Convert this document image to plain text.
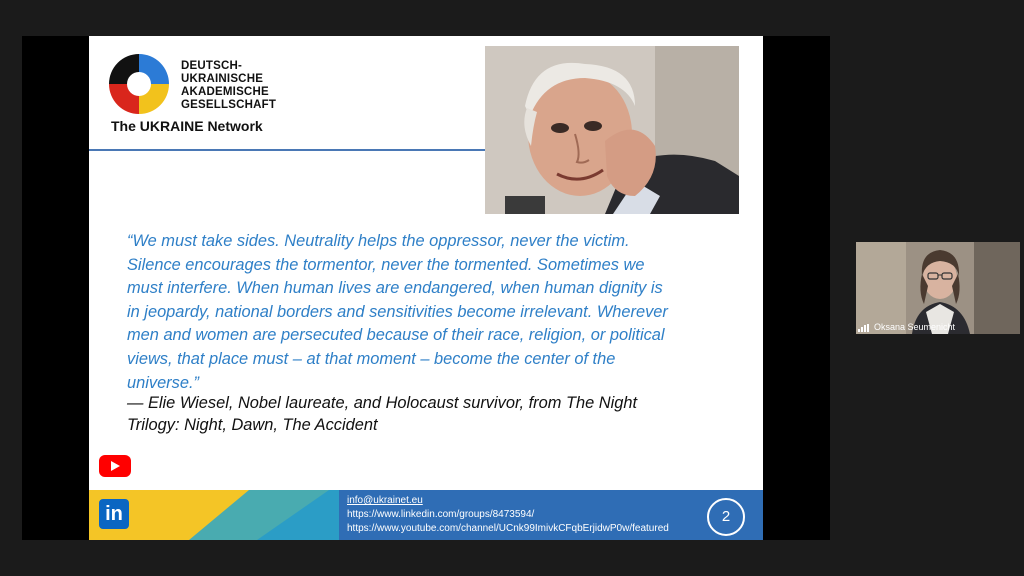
DEUTSCH-
UKRAINISCHE
AKADEMISCHE
GESELLSCHAFT
The UKRAINE Network
“We must take sides. Neutrality helps the oppressor, never the victim.
Silence encourages the tormentor, never the tormented. Sometimes we
must interfere. When human lives are endangered, when human dignity is
in jeopardy, national borders and sensitivities become irrelevant. Wherever
men and women are persecuted because of their race, religion, or political
views, that place must – at that moment – become the center of the
universe.”
— Elie Wiesel, Nobel laureate, and Holocaust survivor, from The Night
Trilogy: Night, Dawn, The Accident
in
info@ukrainet.eu
https://www.linkedin.com/groups/8473594/
https://www.youtube.com/channel/UCnk99ImivkCFqbErjidwP0w/featured
2
Oksana Seumenicht
